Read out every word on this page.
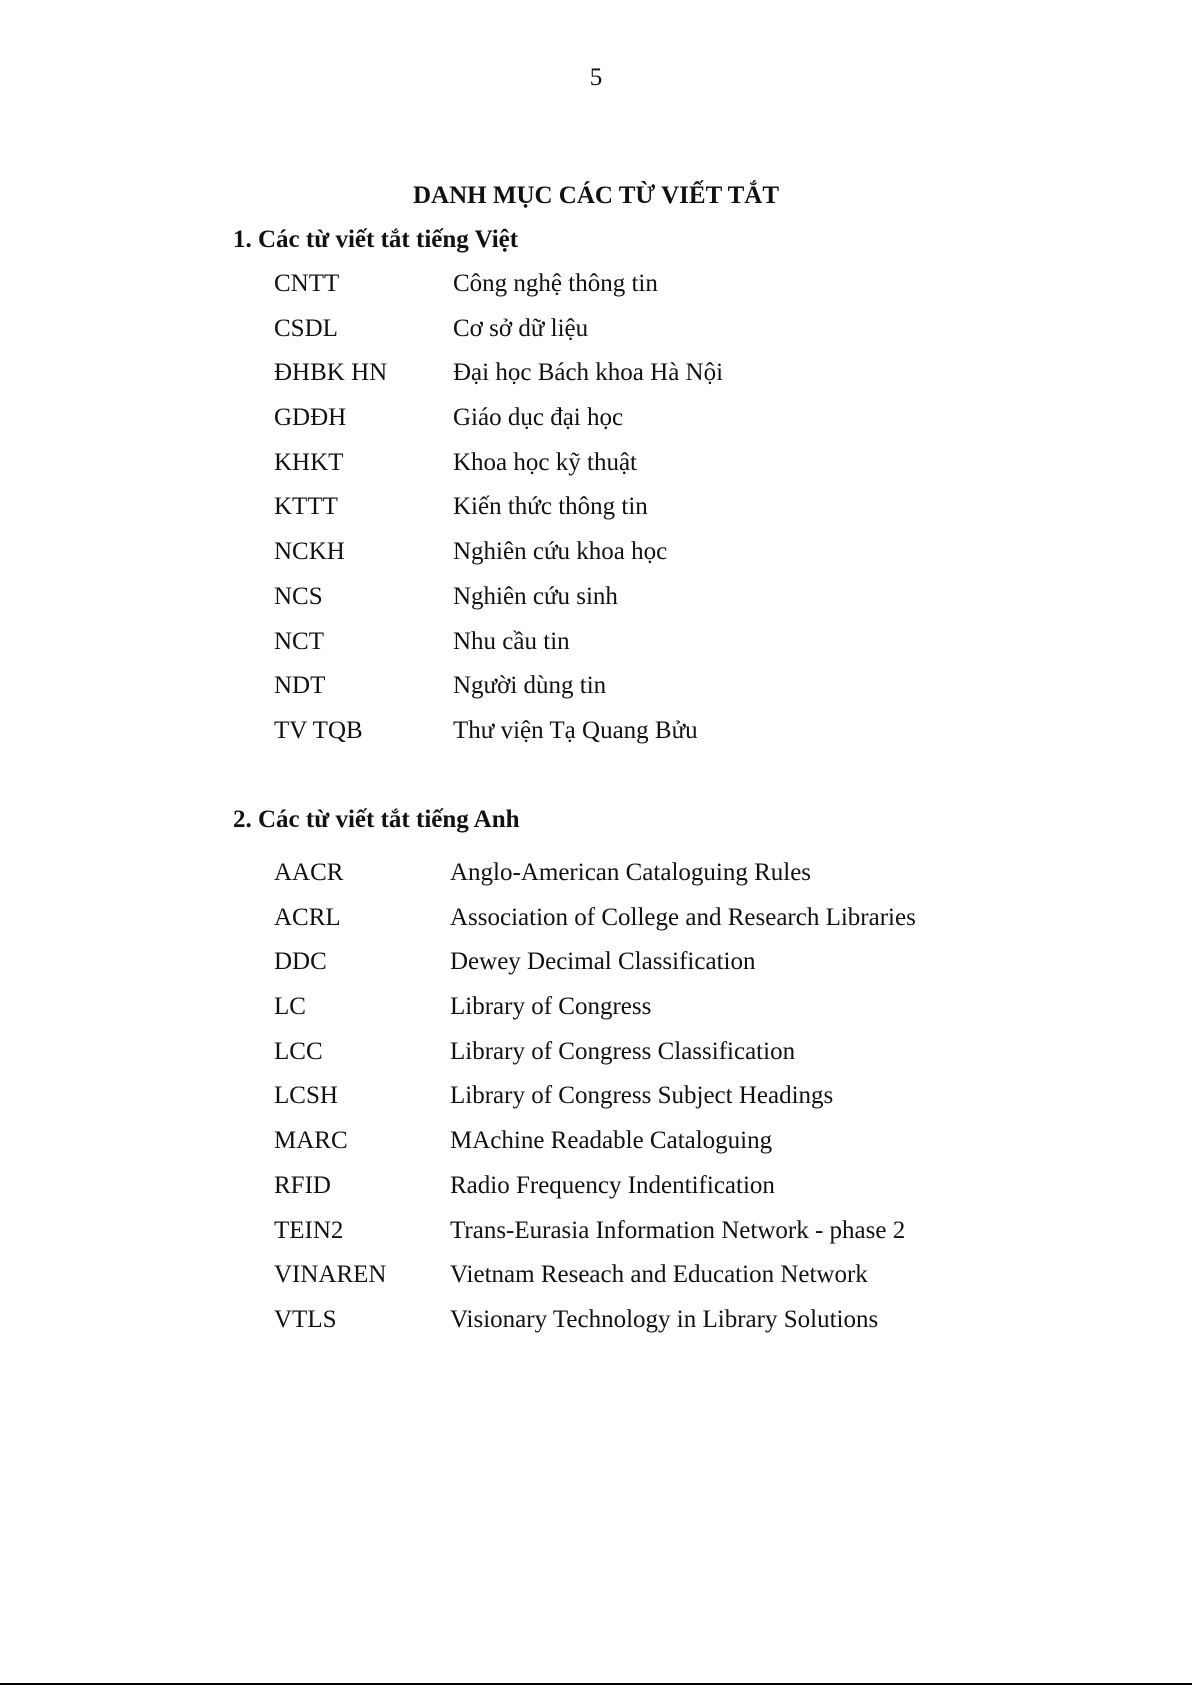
5
DANH MỤC CÁC TỪ VIẾT TẮT
1. Các từ viết tắt tiếng Việt
CNTT	Công nghệ thông tin
CSDL	Cơ sở dữ liệu
ĐHBK HN	Đại học Bách khoa Hà Nội
GDĐH	Giáo dục đại học
KHKT	Khoa học kỹ thuật
KTTT	Kiến thức thông tin
NCKH	Nghiên cứu khoa học
NCS	Nghiên cứu sinh
NCT	Nhu cầu tin
NDT	Người dùng tin
TV TQB	Thư viện Tạ Quang Bửu
2. Các từ viết tắt tiếng Anh
AACR	Anglo-American Cataloguing Rules
ACRL	Association of College and Research Libraries
DDC	Dewey Decimal Classification
LC	Library of Congress
LCC	Library of Congress Classification
LCSH	Library of Congress Subject Headings
MARC	MAchine Readable Cataloguing
RFID	Radio Frequency Indentification
TEIN2	Trans-Eurasia Information Network - phase 2
VINAREN	Vietnam Reseach and Education Network
VTLS	Visionary Technology in Library Solutions
